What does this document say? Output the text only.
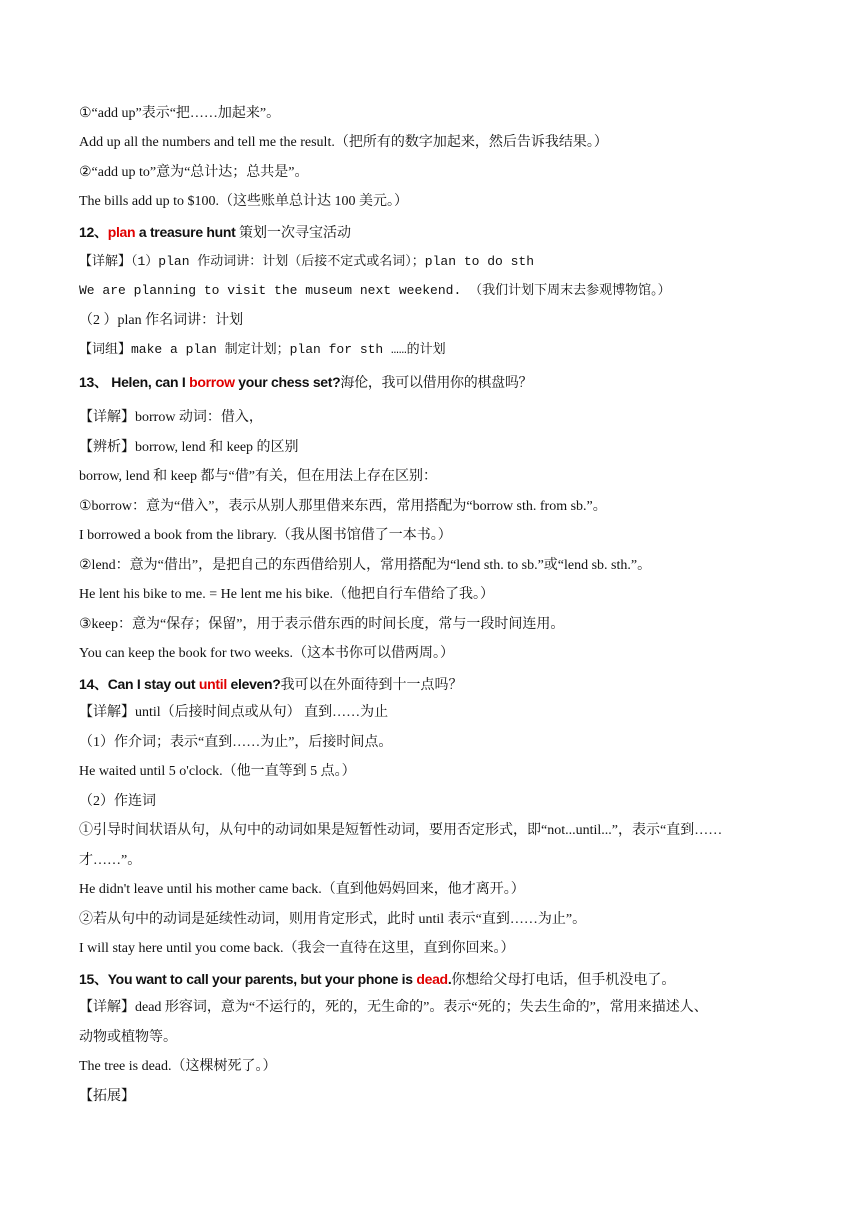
①“add up”表示“把……加起来”。
Add up all the numbers and tell me the result.（把所有的数字加起来，然后告诉我结果。）
②“add up to”意为“总计达；总共是”。
The bills add up to $100.（这些账单总计达 100 美元。）
12、plan a treasure hunt 策划一次寻宝活动
【详解】（1）plan 作动词讲：计划（后接不定式或名词）；plan to do sth
We are planning to visit the museum next weekend. （我们计划下周末去参观博物馆。）
（2 ）plan 作名词讲：计划
【词组】make a plan 制定计划；plan for sth ……的计划
13、 Helen, can I borrow your chess set?海伦，我可以借用你的棋盘吗？
【详解】borrow 动词：借入，
【辨析】borrow, lend 和 keep 的区别
borrow, lend 和 keep 都与“借”有关，但在用法上存在区别：
①borrow：意为“借入”，表示从别人那里借来东西，常用搭配为“borrow sth. from sb.”。
I borrowed a book from the library.（我从图书馆借了一本书。）
②lend：意为“借出”，是把自己的东西借给别人，常用搭配为“lend sth. to sb.”或“lend sb. sth.”。
He lent his bike to me. = He lent me his bike.（他把自行车借给了我。）
③keep：意为“保存；保留”，用于表示借东西的时间长度，常与一段时间连用。
You can keep the book for two weeks.（这本书你可以借两周。）
14、Can I stay out until eleven?我可以在外面待到十一点吗？
【详解】until（后接时间点或从句） 直到……为止
（1）作介词；表示“直到……为止”，后接时间点。
He waited until 5 o'clock.（他一直等到 5 点。）
（2）作连词
①引导时间状语从句，从句中的动词如果是短暂性动词，要用否定形式，即“not...until...”，表示“直到……
才……”。
He didn't leave until his mother came back.（直到他妈妈回来，他才离开。）
②若从句中的动词是延续性动词，则用肯定形式，此时 until 表示“直到……为止”。
I will stay here until you come back.（我会一直待在这里，直到你回来。）
15、You want to call your parents, but your phone is dead.你想给父母打电话，但手机没电了。
【详解】dead 形容词，意为“不运行的，死的，无生命的”。表示“死的；失去生命的”，常用来描述人、
动物或植物等。
The tree is dead.（这棵树死了。）
【拓展】
